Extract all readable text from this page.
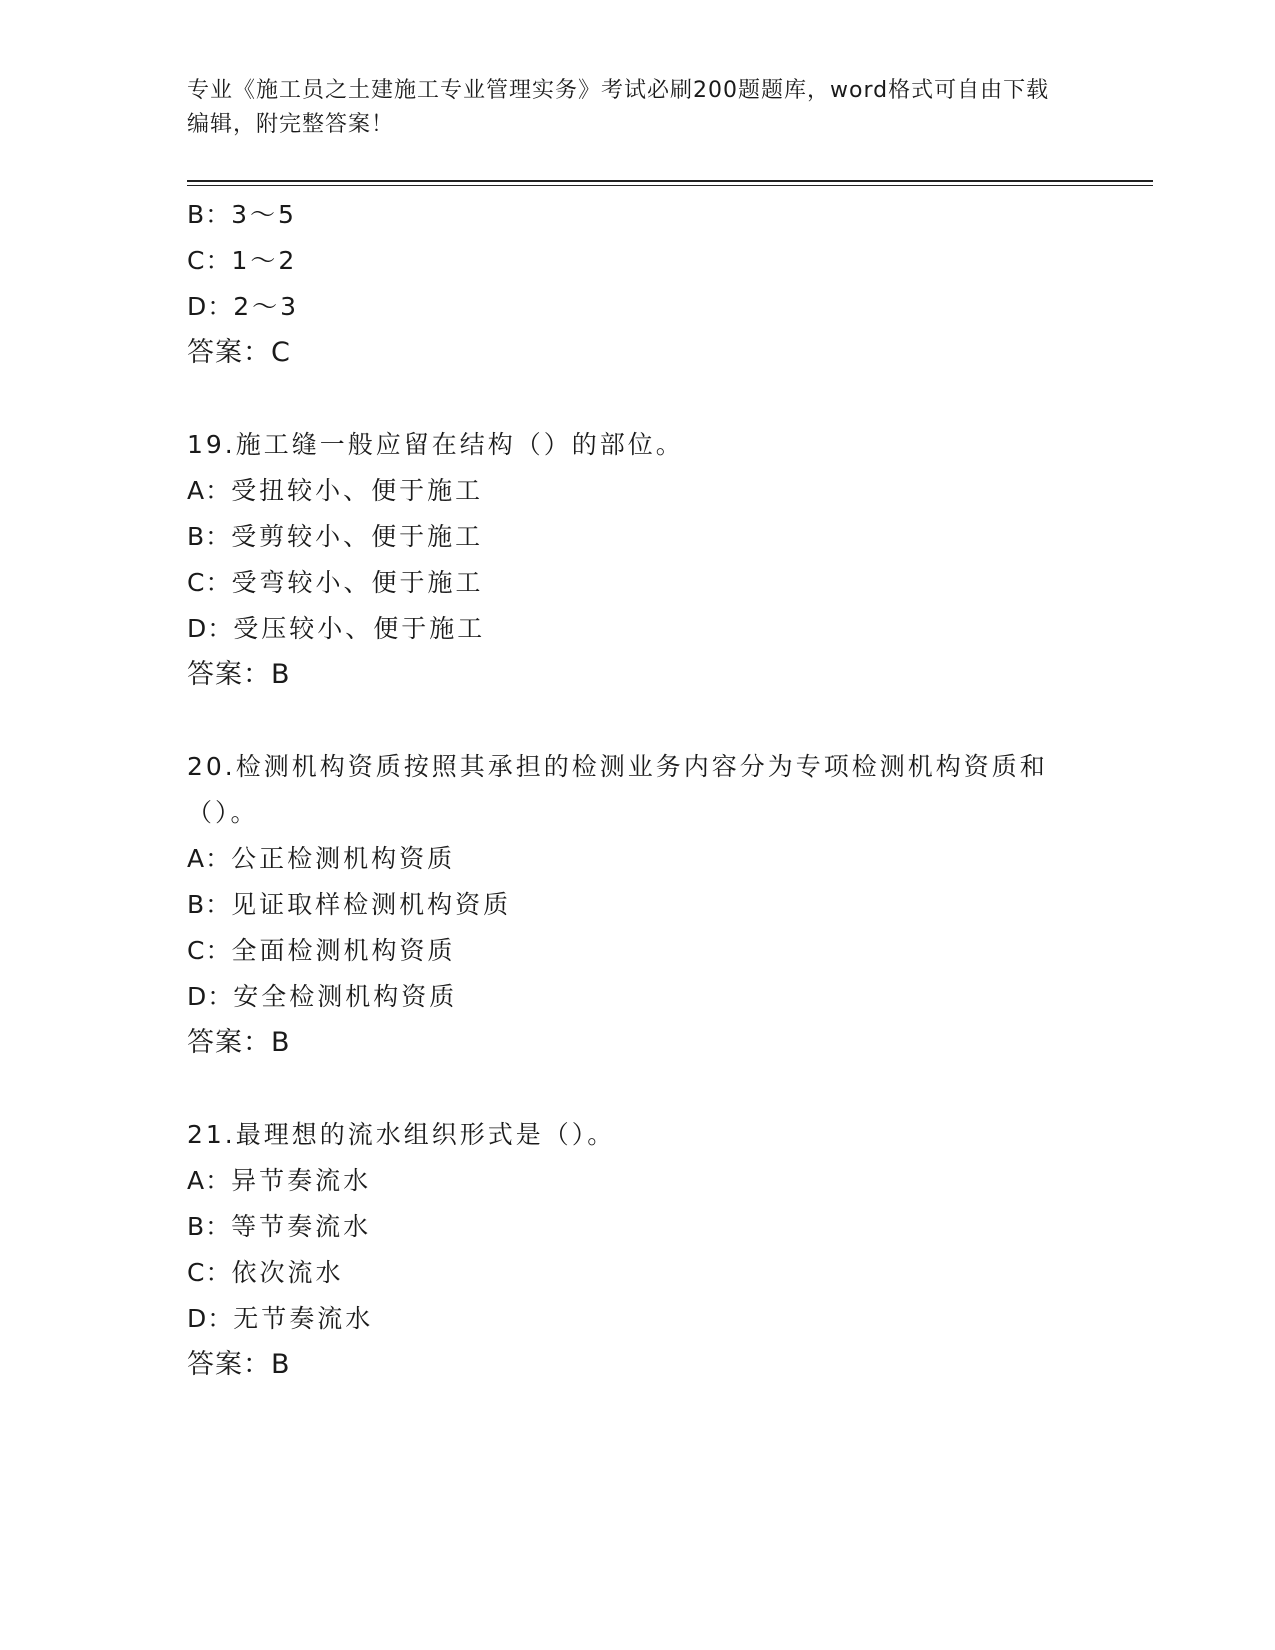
专业《施工员之土建施工专业管理实务》考试必刷200题题库，word格式可自由下载编辑，附完整答案！
B：3～5
C：1～2
D：2～3
答案：C
19.施工缝一般应留在结构（）的部位。
A：受扭较小、便于施工
B：受剪较小、便于施工
C：受弯较小、便于施工
D：受压较小、便于施工
答案：B
20.检测机构资质按照其承担的检测业务内容分为专项检测机构资质和（）。
A：公正检测机构资质
B：见证取样检测机构资质
C：全面检测机构资质
D：安全检测机构资质
答案：B
21.最理想的流水组织形式是（）。
A：异节奏流水
B：等节奏流水
C：依次流水
D：无节奏流水
答案：B
